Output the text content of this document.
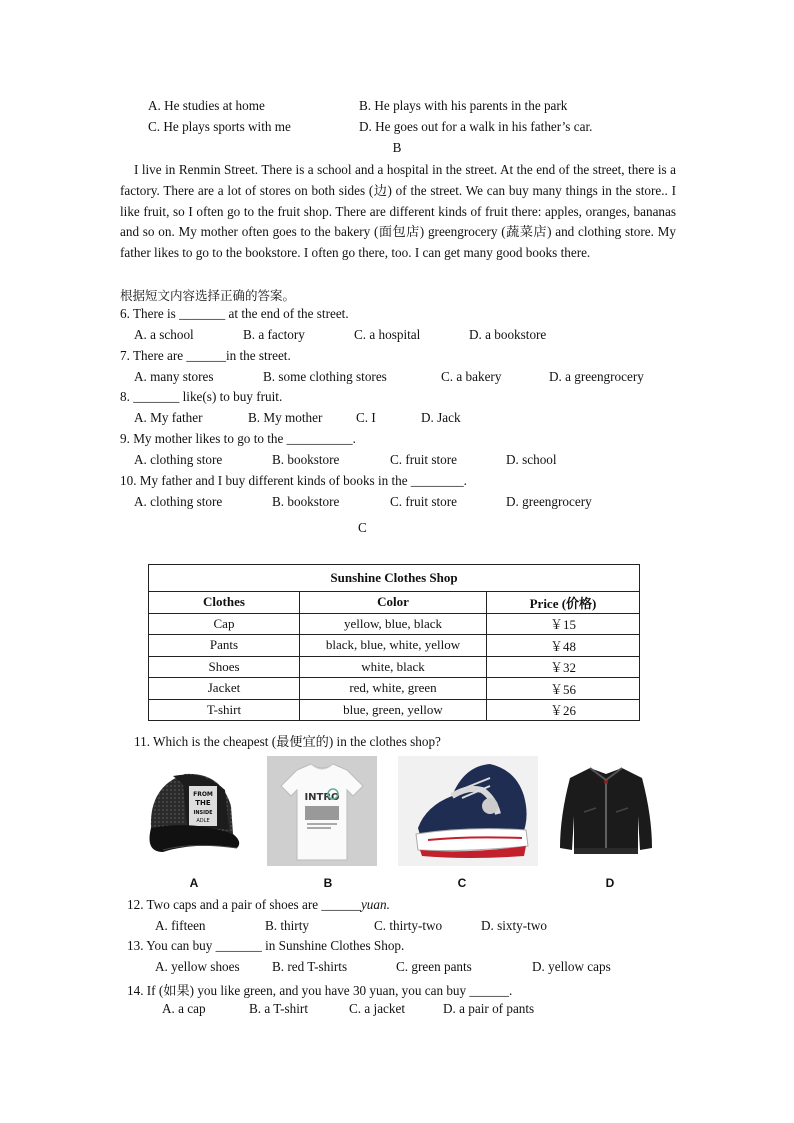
A. He studies at home	B. He plays with his parents in the park
C. He plays sports with me	D. He goes out for a walk in his father’s car.
B
I live in Renmin Street. There is a school and a hospital in the street. At the end of the street, there is a factory. There are a lot of stores on both sides (边) of the street. We can buy many things in the store.. I like fruit, so I often go to the fruit shop. There are different kinds of fruit there: apples, oranges, bananas and so on. My mother often goes to the bakery (面包店) greengrocery (蔬菜店) and clothing store. My father likes to go to the bookstore. I often go there, too. I can get many good books there.
根据短文内容选择正确的答案。
6. There is _______ at the end of the street.
A. a school	B. a factory	C. a hospital	D. a bookstore
7. There are ______in the street.
A. many stores	B. some clothing stores	C. a bakery	D. a greengrocery
8. _______ like(s) to buy fruit.
A. My father	B. My mother	C. I	D. Jack
9. My mother likes to go to the __________.
A. clothing store	B. bookstore	C. fruit store	D. school
10. My father and I buy different kinds of books in the ________.
A. clothing store	B. bookstore	C. fruit store	D. greengrocery
C
Sunshine Clothes Shop		
Clothes	Color	Price (价格)
Cap	yellow, blue, black	￥15
Pants	black, blue, white, yellow	￥48
Shoes	white, black	￥32
Jacket	red, white, green	￥56
T-shirt	blue, green, yellow	￥26
11. Which is the cheapest (最便宜的) in the clothes shop?
FROM
THE
INSIDE
ADLE
INTRO
A	B	C	D
12. Two caps and a pair of shoes are ______yuan.
A. fifteen	B. thirty	C. thirty-two	D. sixty-two
13. You can buy _______ in Sunshine Clothes Shop.
A. yellow shoes B. red T-shirts	C. green pants	D. yellow caps
14. If (如果) you like green, and you have 30 yuan, you can buy ______.
A. a cap	B. a T-shirt	C. a jacket	D. a pair of pants
